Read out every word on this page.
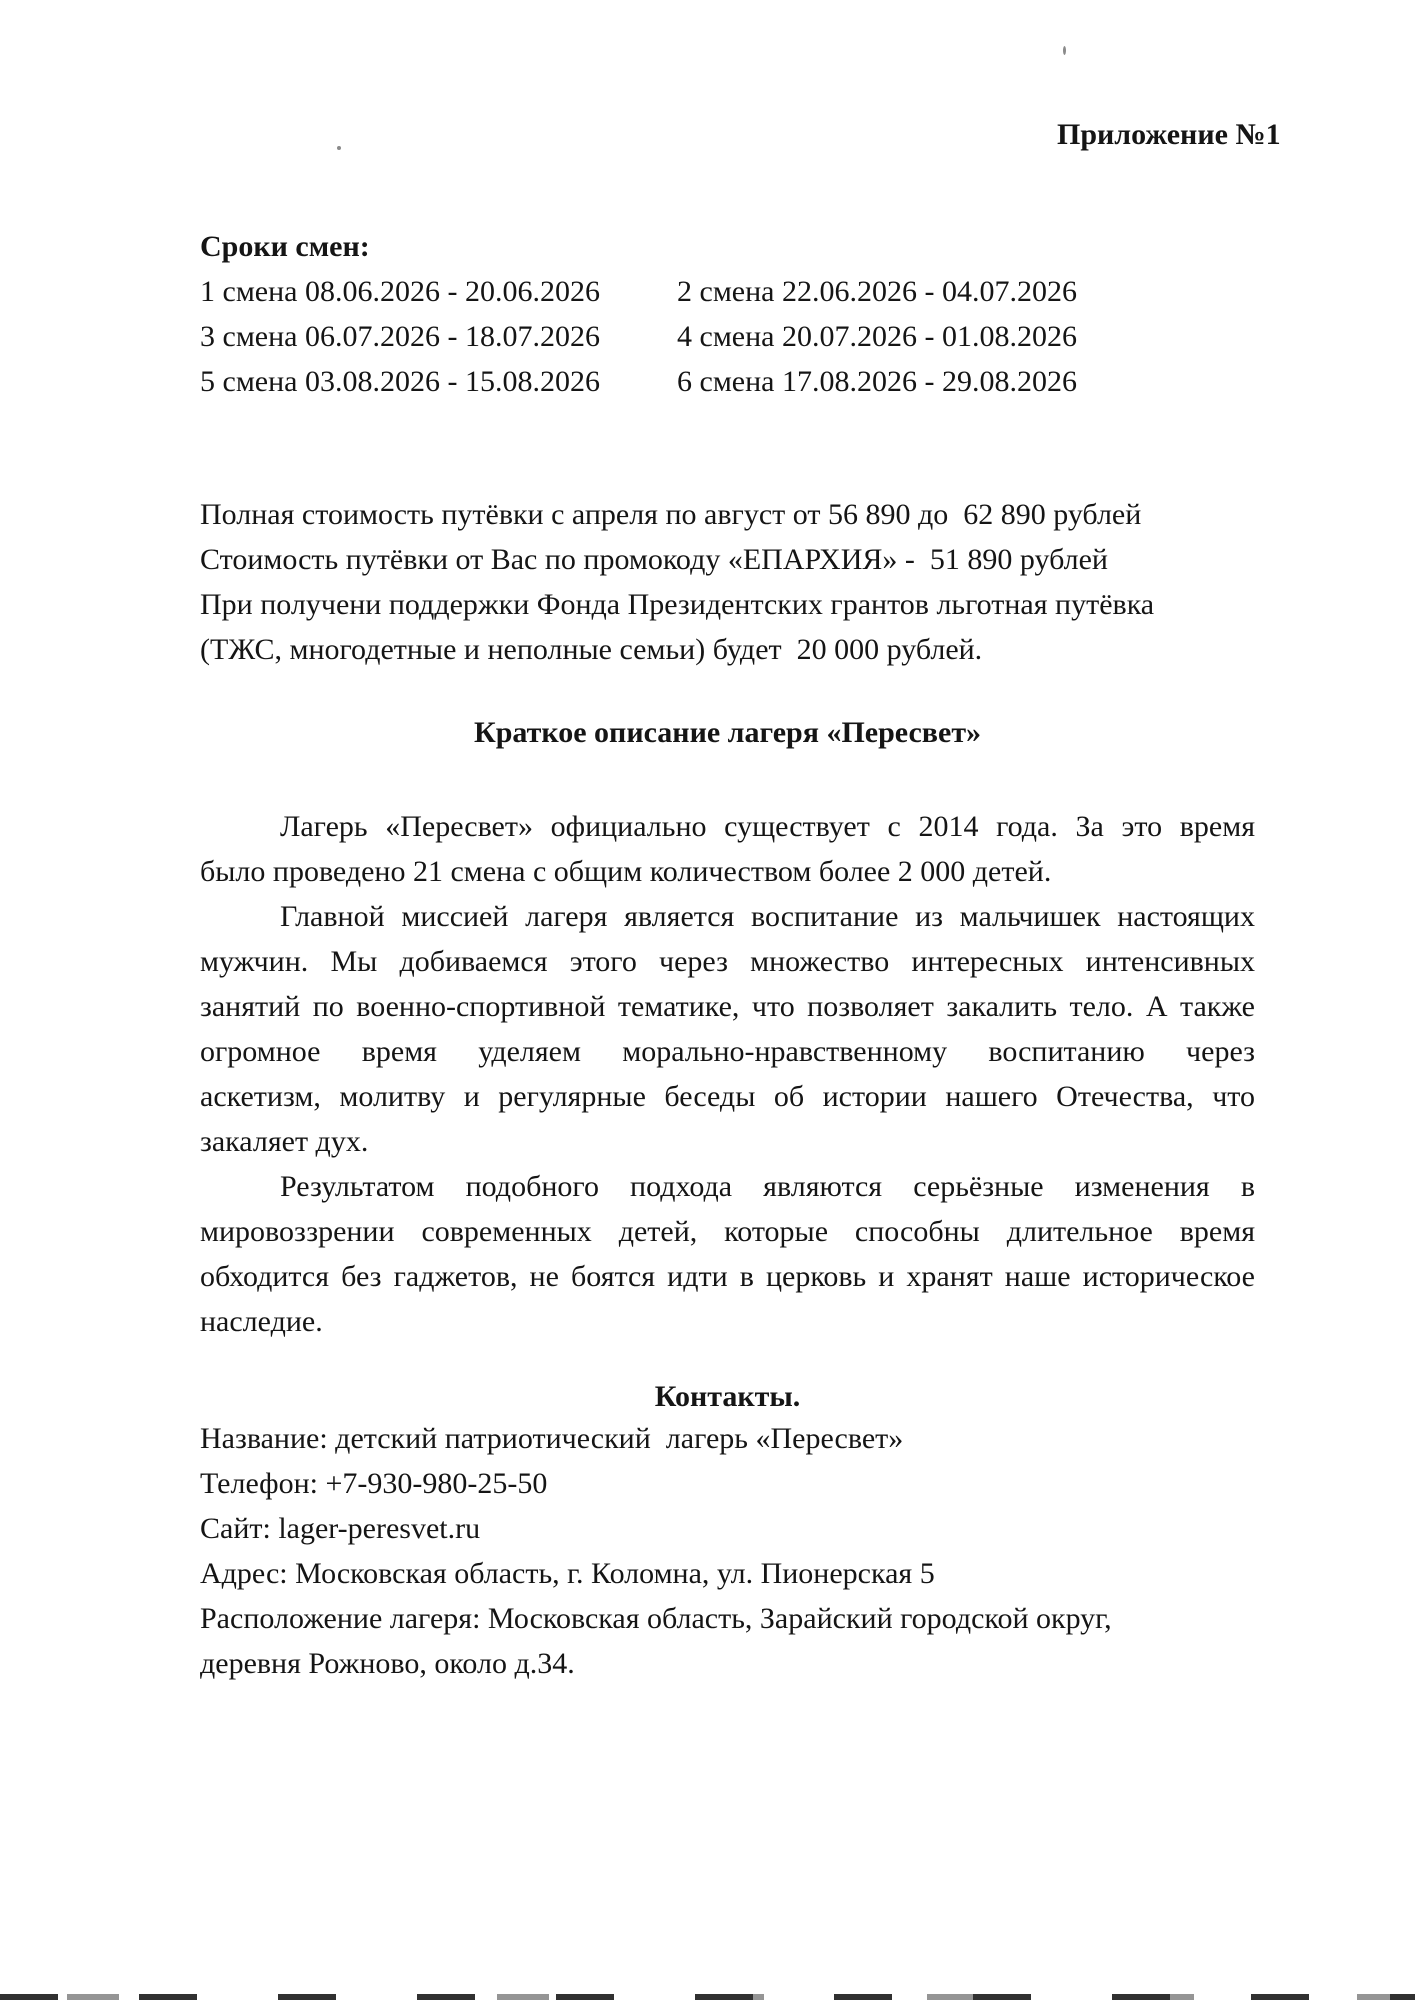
Приложение №1
Сроки смен:
1 смена 08.06.2026 - 20.06.2026	2 смена 22.06.2026 - 04.07.2026
3 смена 06.07.2026 - 18.07.2026	4 смена 20.07.2026 - 01.08.2026
5 смена 03.08.2026 - 15.08.2026	6 смена 17.08.2026 - 29.08.2026
Полная стоимость путёвки с апреля по август от 56 890 до  62 890 рублей
Стоимость путёвки от Вас по промокоду «ЕПАРХИЯ» -  51 890 рублей
При получени поддержки Фонда Президентских грантов льготная путёвка
(ТЖС, многодетные и неполные семьи) будет  20 000 рублей.
Краткое описание лагеря «Пересвет»
Лагерь «Пересвет» официально существует с 2014 года. За это время
было проведено 21 смена с общим количеством более 2 000 детей.
Главной миссией лагеря является воспитание из мальчишек настоящих
мужчин. Мы добиваемся этого через множество интересных интенсивных
занятий по военно-спортивной тематике, что позволяет закалить тело. А также
огромное время уделяем морально-нравственному воспитанию через
аскетизм, молитву и регулярные беседы об истории нашего Отечества, что
закаляет дух.
Результатом подобного подхода являются серьёзные изменения в
мировоззрении современных детей, которые способны длительное время
обходится без гаджетов, не боятся идти в церковь и хранят наше историческое
наследие.
Контакты.
Название: детский патриотический  лагерь «Пересвет»
Телефон: +7-930-980-25-50
Сайт: lager-peresvet.ru
Адрес: Московская область, г. Коломна, ул. Пионерская 5
Расположение лагеря: Московская область, Зарайский городской округ,
деревня Рожново, около д.34.
